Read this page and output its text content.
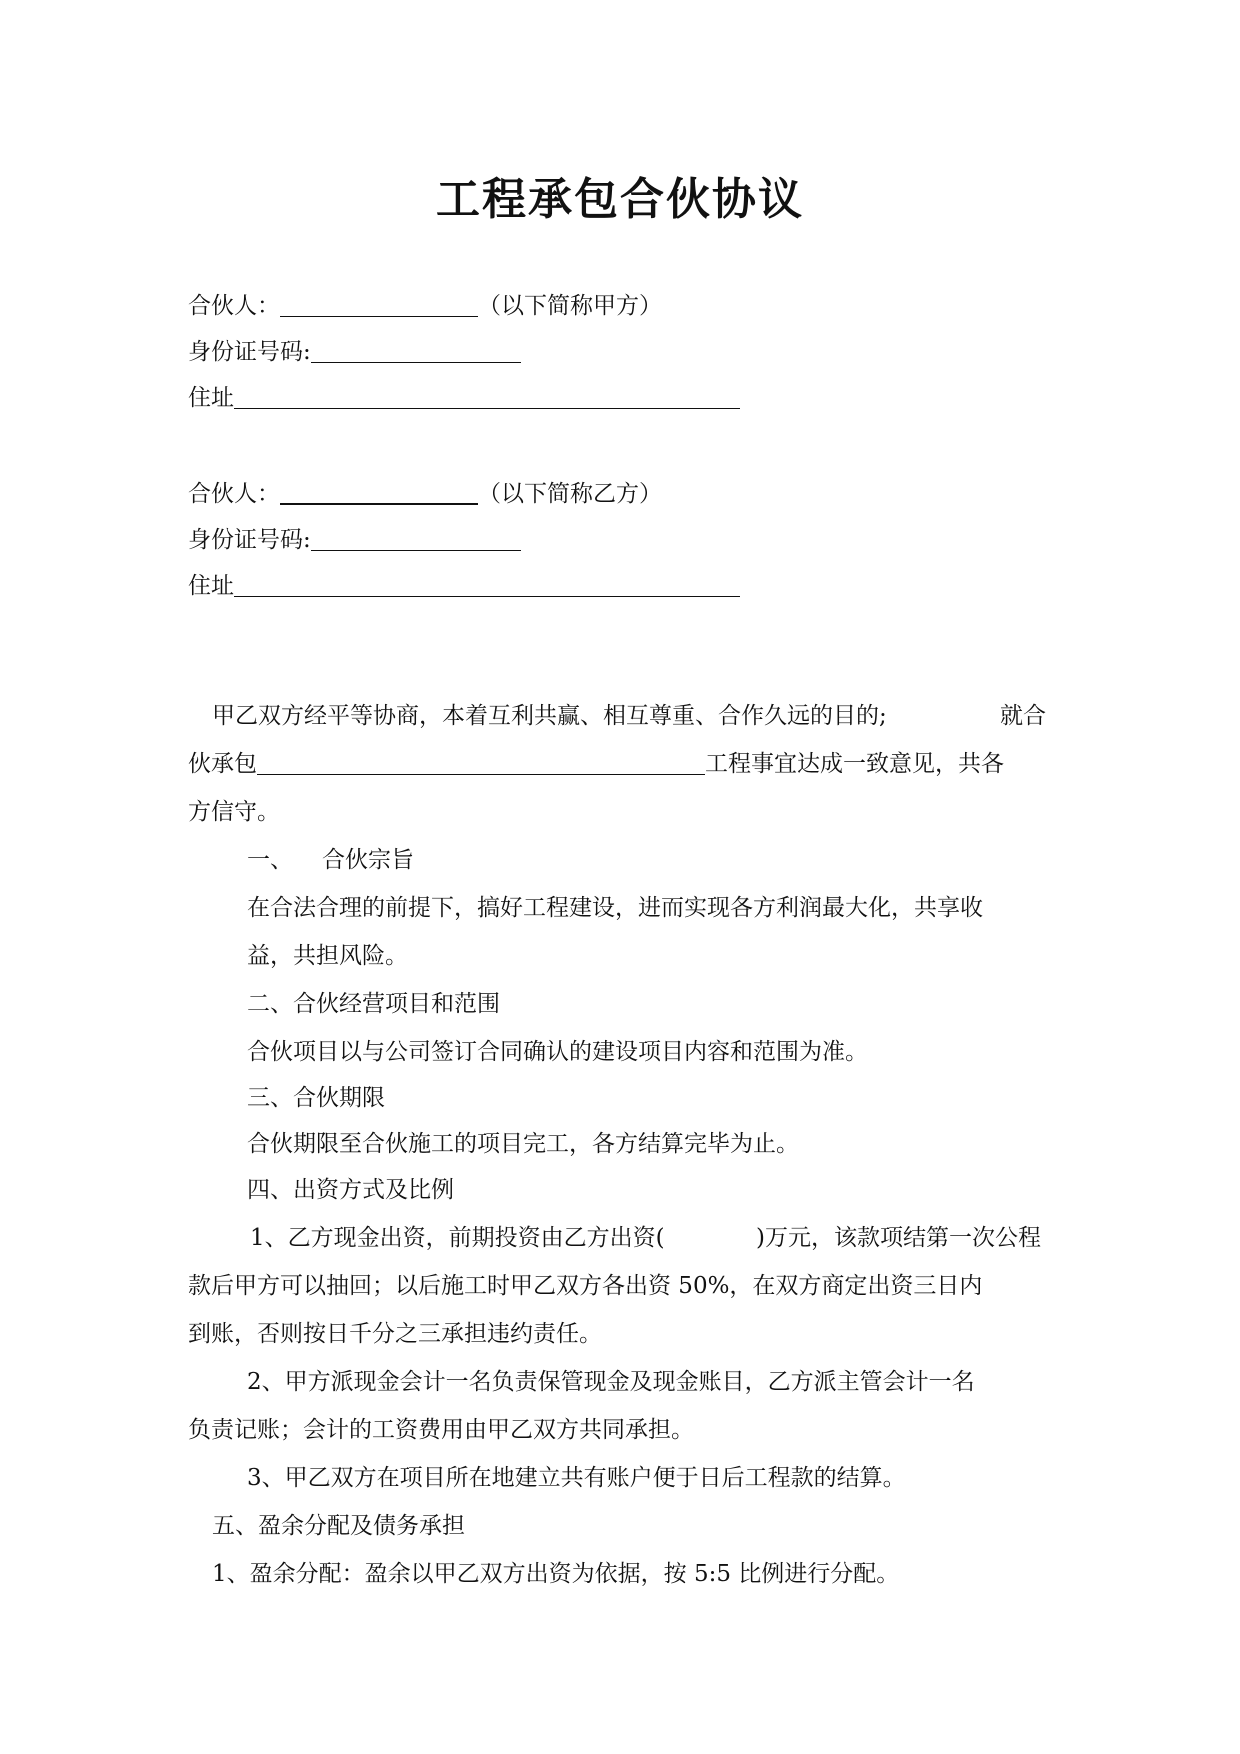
工程承包合伙协议
合伙人：	（以下简称甲方）
身份证号码:
住址
合伙人：	（以下简称乙方）
身份证号码:
住址
甲乙双方经平等协商，本着互利共赢、相互尊重、合作久远的目的;	就合
伙承包	工程事宜达成一致意见，共各
方信守。
一、 合伙宗旨
在合法合理的前提下，搞好工程建设，进而实现各方利润最大化，共享收
益，共担风险。
二、合伙经营项目和范围
合伙项目以与公司签订合同确认的建设项目内容和范围为准。
三、合伙期限
合伙期限至合伙施工的项目完工，各方结算完毕为止。
四、出资方式及比例
1、乙方现金出资，前期投资由乙方出资(	)万元，该款项结第一次公程
款后甲方可以抽回；以后施工时甲乙双方各出资 50%，在双方商定出资三日内
到账，否则按日千分之三承担违约责任。
2、甲方派现金会计一名负责保管现金及现金账目，乙方派主管会计一名
负责记账；会计的工资费用由甲乙双方共同承担。
3、甲乙双方在项目所在地建立共有账户便于日后工程款的结算。
五、盈余分配及债务承担
1、盈余分配：盈余以甲乙双方出资为依据，按 5:5 比例进行分配。
